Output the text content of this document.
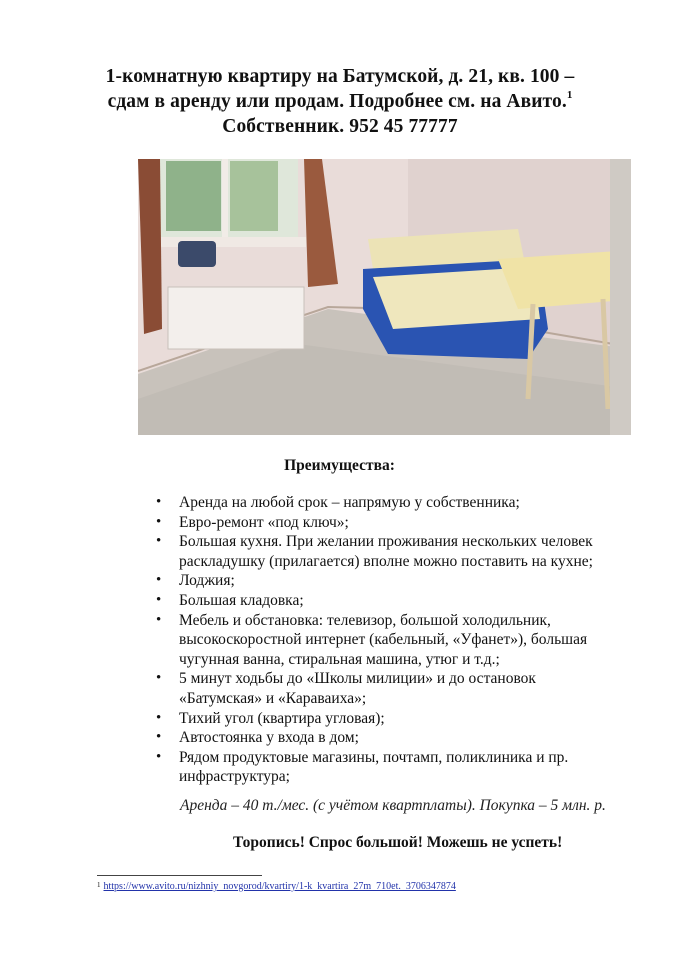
1-комнатную квартиру на Батумской, д. 21, кв. 100 –
сдам в аренду или продам. Подробнее см. на Авито.$^1$
Собственник. 952 45 77777
Преимущества:
• Аренда на любой срок – напрямую у собственника;
• Евро-ремонт «под ключ»;
• Большая кухня. При желании проживания нескольких человек
раскладушку (прилагается) вполне можно поставить на кухне;
• Лоджия;
• Большая кладовка;
• Мебель и обстановка: телевизор, большой холодильник,
высокоскоростной интернет (кабельный, «Уфанет»), большая
чугунная ванна, стиральная машина, утюг и т.д.;
• 5 минут ходьбы до «Школы милиции» и до остановок
«Батумская» и «Караваиха»;
• Тихий угол (квартира угловая);
• Автостоянка у входа в дом;
• Рядом продуктовые магазины, почтамп, поликлиника и пр.
инфраструктура;
Аренда – 40 т./мес. (с учётом квартплаты). Покупка – 5 млн. р.
Торопись! Спрос большой! Можешь не успеть!
$^1$ https://www.avito.ru/nizhniy_novgorod/kvartiry/1-k_kvartira_27m_710et._3706347874
